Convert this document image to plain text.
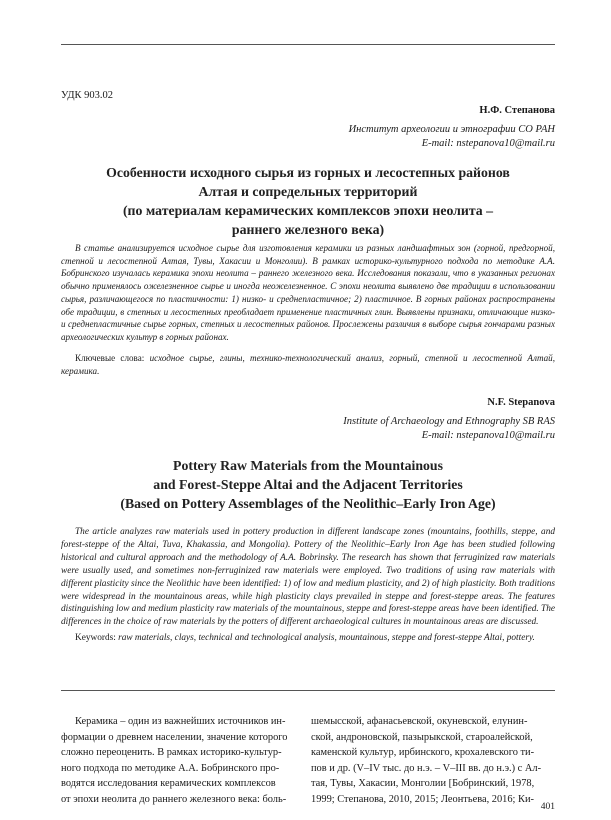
УДК 903.02
Н.Ф. Степанова
Институт археологии и этнографии СО РАН
E-mail: nstepanova10@mail.ru
Особенности исходного сырья из горных и лесостепных районов
Алтая и сопредельных территорий
(по материалам керамических комплексов эпохи неолита –
раннего железного века)
В статье анализируется исходное сырье для изготовления керамики из разных ландшафтных зон (горной, предгорной, степной и лесостепной Алтая, Тувы, Хакасии и Монголии). В рамках историко-культурного подхода по методике А.А. Бобринского изучалась керамика эпохи неолита – раннего железного века. Исследования показали, что в указанных регионах обычно применялось ожелезненное сырье и иногда неожелезненное. С эпохи неолита выявлено две традиции в использовании сырья, различающегося по пластичности: 1) низко- и среднепластичное; 2) пластичное. В горных районах распространены обе традиции, в степных и лесостепных преобладает применение пластичных глин. Выявлены признаки, отличающие низко- и среднепластичные сырье горных, степных и лесостепных районов. Прослежены различия в выборе сырья гончарами разных археологических культур в горных районах.
Ключевые слова: исходное сырье, глины, технико-технологический анализ, горный, степной и лесостепной Алтай, керамика.
N.F. Stepanova
Institute of Archaeology and Ethnography SB RAS
E-mail: nstepanova10@mail.ru
Pottery Raw Materials from the Mountainous
and Forest-Steppe Altai and the Adjacent Territories
(Based on Pottery Assemblages of the Neolithic–Early Iron Age)
The article analyzes raw materials used in pottery production in different landscape zones (mountains, foothills, steppe, and forest-steppe of the Altai, Tuva, Khakassia, and Mongolia). Pottery of the Neolithic–Early Iron Age has been studied following historical and cultural approach and the methodology of A.A. Bobrinsky. The research has shown that ferruginized raw materials were usually used, and sometimes non-ferruginized raw materials were employed. Two traditions of using raw materials with different plasticity since the Neolithic have been identified: 1) of low and medium plasticity, and 2) of high plasticity. Both traditions were widespread in the mountainous areas, while high plasticity clays prevailed in steppe and forest-steppe areas. The features distinguishing low and medium plasticity raw materials of the mountainous, steppe and forest-steppe areas have been identified. The differences in the choice of raw materials by the potters of different archaeological cultures in mountainous areas are discussed.
Keywords: raw materials, clays, technical and technological analysis, mountainous, steppe and forest-steppe Altai, pottery.
Керамика – один из важнейших источников ин-
формации о древнем населении, значение которого
сложно переоценить. В рамках историко-культур-
ного подхода по методике А.А. Бобринского про-
водятся исследования керамических комплексов
от эпохи неолита до раннего железного века: боль-
шемысской, афанасьевской, окуневской, елунин-
ской, андроновской, пазырыкской, староалейской,
каменской культур, ирбинского, крохалевского ти-
пов и др. (V–IV тыс. до н.э. – V–III вв. до н.э.) с Ал-
тая, Тувы, Хакасии, Монголии [Бобринский, 1978,
1999; Степанова, 2010, 2015; Леонтьева, 2016; Ки-
401
